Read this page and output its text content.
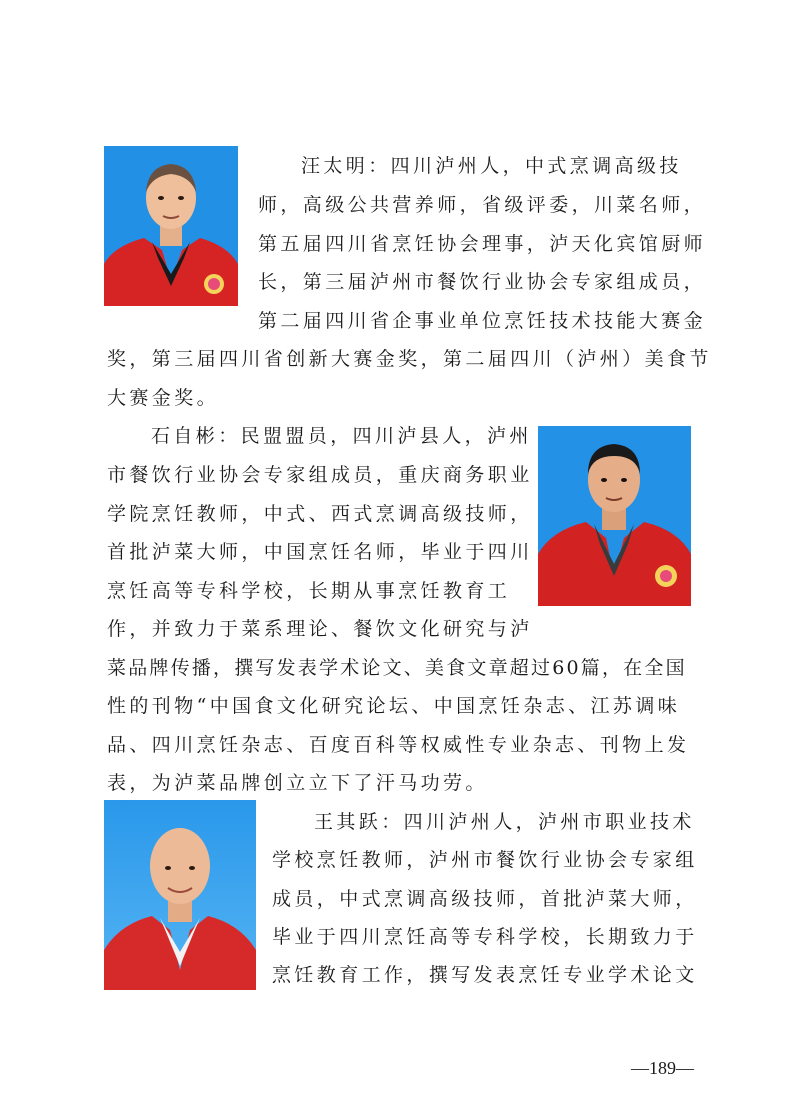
汪太明：四川泸州人，中式烹调高级技
师，高级公共营养师，省级评委，川菜名师，
第五届四川省烹饪协会理事，泸天化宾馆厨师
长，第三届泸州市餐饮行业协会专家组成员，
第二届四川省企事业单位烹饪技术技能大赛金
奖，第三届四川省创新大赛金奖，第二届四川（泸州）美食节
大赛金奖。
石自彬：民盟盟员，四川泸县人，泸州
市餐饮行业协会专家组成员，重庆商务职业
学院烹饪教师，中式、西式烹调高级技师，
首批泸菜大师，中国烹饪名师，毕业于四川
烹饪高等专科学校，长期从事烹饪教育工
作，并致力于菜系理论、餐饮文化研究与泸
菜品牌传播，撰写发表学术论文、美食文章超过60篇，在全国
性的刊物“中国食文化研究论坛、中国烹饪杂志、江苏调味
品、四川烹饪杂志、百度百科等权威性专业杂志、刊物上发
表，为泸菜品牌创立立下了汗马功劳。
王其跃：四川泸州人，泸州市职业技术
学校烹饪教师，泸州市餐饮行业协会专家组
成员，中式烹调高级技师，首批泸菜大师，
毕业于四川烹饪高等专科学校，长期致力于
烹饪教育工作，撰写发表烹饪专业学术论文
—189—
